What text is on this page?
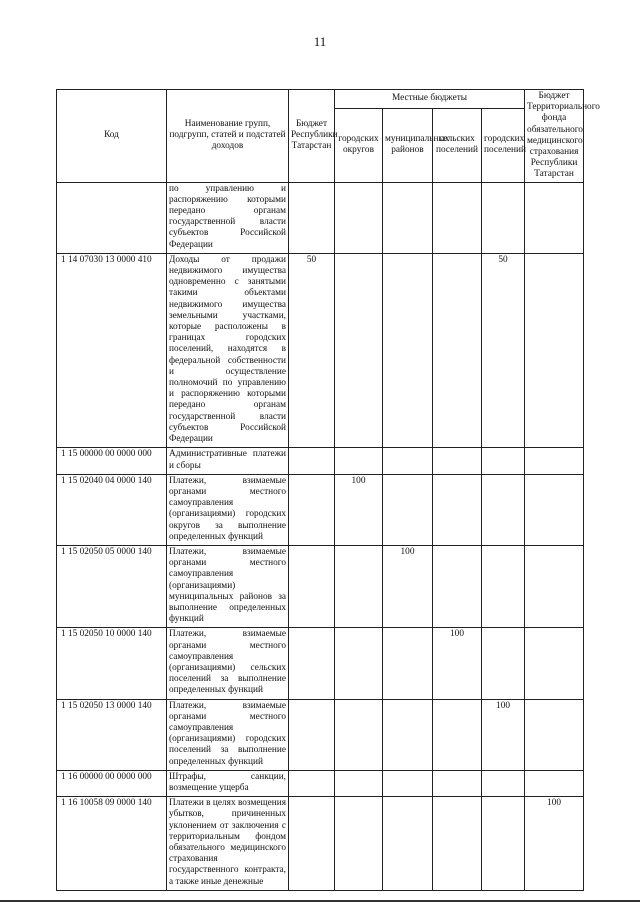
11
Код	Наименование групп, подгрупп, статей и подстатей доходов	Бюджет Республики Татарстан	Местные бюджеты				Бюджет Территориального фонда обязательного медицинского страхования Республики Татарстан
			городских округов	муниципальных районов	сельских поселений	городских поселений	
	по управлению и распоряжению которыми передано органам государственной власти субъектов Российской Федерации						
1 14 07030 13 0000 410	Доходы от продажи недвижимого имущества одновременно с занятыми такими объектами недвижимого имущества земельными участками, которые расположены в границах городских поселений, находятся в федеральной собственности и осуществление полномочий по управлению и распоряжению которыми передано органам государственной власти субъектов Российской Федерации	50				50	
1 15 00000 00 0000 000	Административные платежи и сборы						
1 15 02040 04 0000 140	Платежи, взимаемые органами местного самоуправления (организациями) городских округов за выполнение определенных функций		100				
1 15 02050 05 0000 140	Платежи, взимаемые органами местного самоуправления (организациями) муниципальных районов за выполнение определенных функций			100			
1 15 02050 10 0000 140	Платежи, взимаемые органами местного самоуправления (организациями) сельских поселений за выполнение определенных функций				100		
1 15 02050 13 0000 140	Платежи, взимаемые органами местного самоуправления (организациями) городских поселений за выполнение определенных функций					100	
1 16 00000 00 0000 000	Штрафы, санкции, возмещение ущерба						
1 16 10058 09 0000 140	Платежи в целях возмещения убытков, причиненных уклонением от заключения с территориальным фондом обязательного медицинского страхования государственного контракта, а также иные денежные						100
